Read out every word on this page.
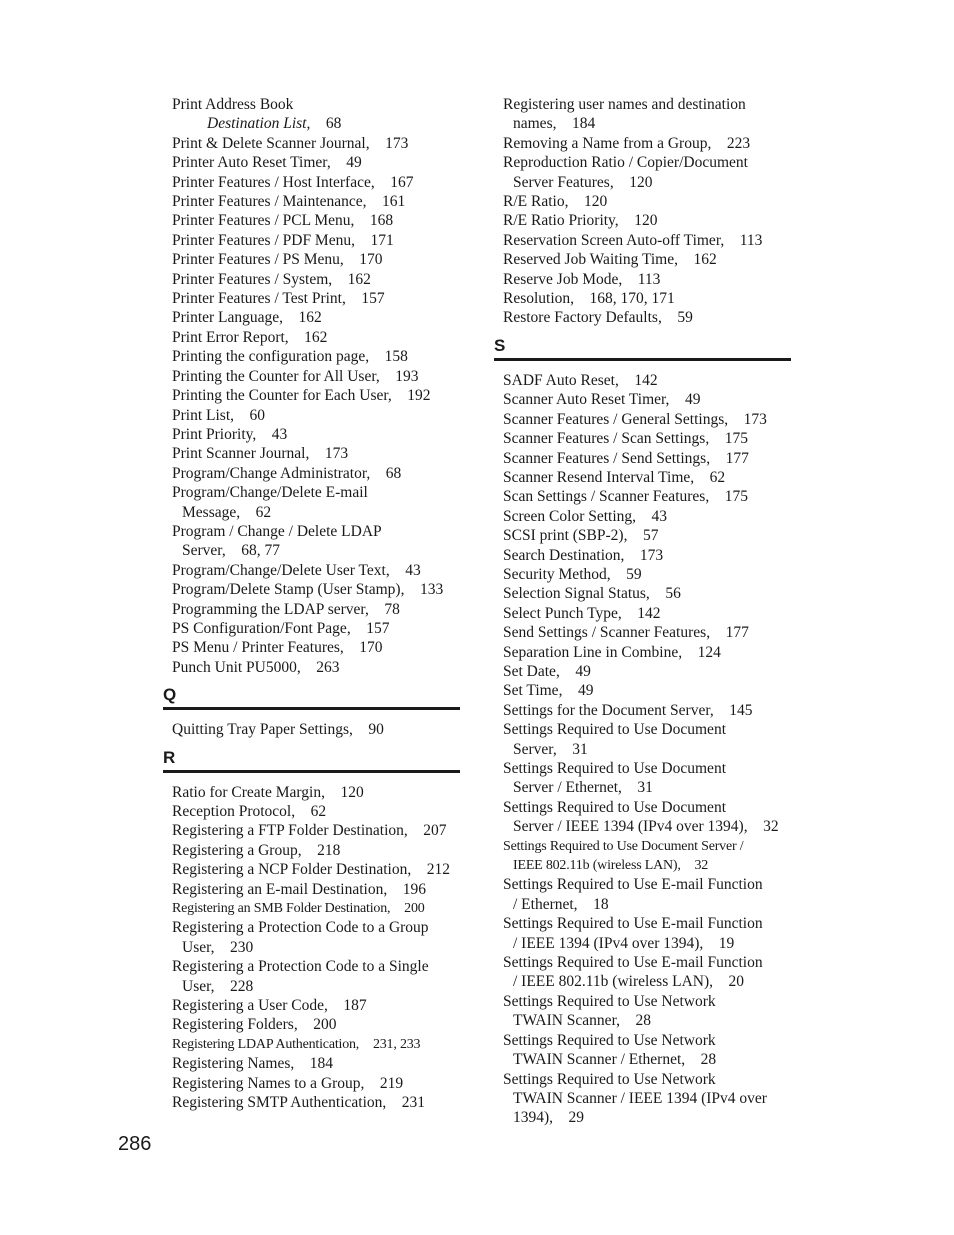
Print Address Book
Destination List,  68
Print & Delete Scanner Journal,  173
Printer Auto Reset Timer,  49
Printer Features / Host Interface,  167
Printer Features / Maintenance,  161
Printer Features / PCL Menu,  168
Printer Features / PDF Menu,  171
Printer Features / PS Menu,  170
Printer Features / System,  162
Printer Features / Test Print,  157
Printer Language,  162
Print Error Report,  162
Printing the configuration page,  158
Printing the Counter for All User,  193
Printing the Counter for Each User,  192
Print List,  60
Print Priority,  43
Print Scanner Journal,  173
Program/Change Administrator,  68
Program/Change/Delete E-mail
Message,  62
Program / Change / Delete LDAP
Server,  68, 77
Program/Change/Delete User Text,  43
Program/Delete Stamp (User Stamp),  133
Programming the LDAP server,  78
PS Configuration/Font Page,  157
PS Menu / Printer Features,  170
Punch Unit PU5000,  263
Q
Quitting Tray Paper Settings,  90
R
Ratio for Create Margin,  120
Reception Protocol,  62
Registering a FTP Folder Destination,  207
Registering a Group,  218
Registering a NCP Folder Destination,  212
Registering an E-mail Destination,  196
Registering an SMB Folder Destination,  200
Registering a Protection Code to a Group
User,  230
Registering a Protection Code to a Single
User,  228
Registering a User Code,  187
Registering Folders,  200
Registering LDAP Authentication,  231, 233
Registering Names,  184
Registering Names to a Group,  219
Registering SMTP Authentication,  231
Registering user names and destination
names,  184
Removing a Name from a Group,  223
Reproduction Ratio / Copier/Document
Server Features,  120
R/E Ratio,  120
R/E Ratio Priority,  120
Reservation Screen Auto-off Timer,  113
Reserved Job Waiting Time,  162
Reserve Job Mode,  113
Resolution,  168, 170, 171
Restore Factory Defaults,  59
S
SADF Auto Reset,  142
Scanner Auto Reset Timer,  49
Scanner Features / General Settings,  173
Scanner Features / Scan Settings,  175
Scanner Features / Send Settings,  177
Scanner Resend Interval Time,  62
Scan Settings / Scanner Features,  175
Screen Color Setting,  43
SCSI print (SBP-2),  57
Search Destination,  173
Security Method,  59
Selection Signal Status,  56
Select Punch Type,  142
Send Settings / Scanner Features,  177
Separation Line in Combine,  124
Set Date,  49
Set Time,  49
Settings for the Document Server,  145
Settings Required to Use Document
Server,  31
Settings Required to Use Document
Server / Ethernet,  31
Settings Required to Use Document
Server / IEEE 1394 (IPv4 over 1394),  32
Settings Required to Use Document Server /
IEEE 802.11b (wireless LAN),  32
Settings Required to Use E-mail Function
/ Ethernet,  18
Settings Required to Use E-mail Function
/ IEEE 1394 (IPv4 over 1394),  19
Settings Required to Use E-mail Function
/ IEEE 802.11b (wireless LAN),  20
Settings Required to Use Network
TWAIN Scanner,  28
Settings Required to Use Network
TWAIN Scanner / Ethernet,  28
Settings Required to Use Network
TWAIN Scanner / IEEE 1394 (IPv4 over
1394),  29
286
